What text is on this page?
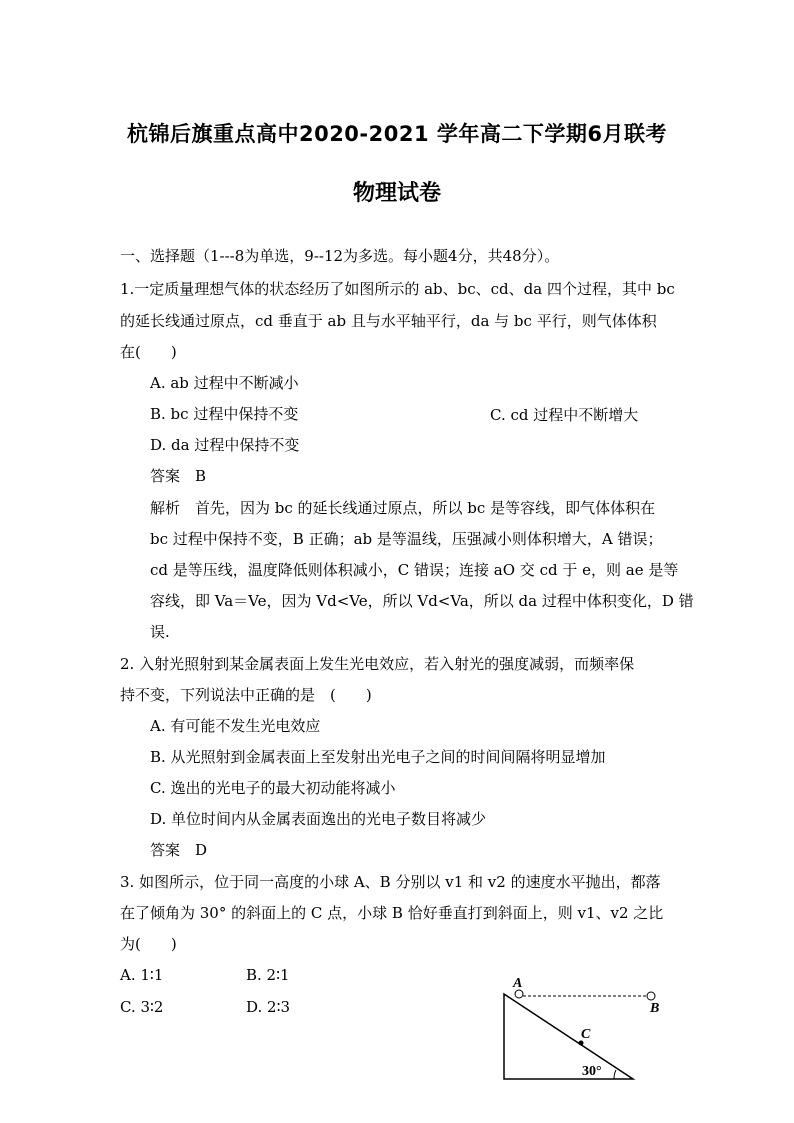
杭锦后旗重点高中2020-2021 学年高二下学期6月联考
物理试卷
一、选择题（1---8为单选，9--12为多选。每小题4分，共48分）。
1.一定质量理想气体的状态经历了如图所示的 ab、bc、cd、da 四个过程，其中 bc
的延长线通过原点，cd 垂直于 ab 且与水平轴平行，da 与 bc 平行，则气体体积
在(　　)
A. ab 过程中不断减小
B. bc 过程中保持不变	C. cd 过程中不断增大
D. da 过程中保持不变
答案　B
解析　首先，因为 bc 的延长线通过原点，所以 bc 是等容线，即气体体积在
bc 过程中保持不变，B 正确；ab 是等温线，压强减小则体积增大，A 错误；
cd 是等压线，温度降低则体积减小，C 错误；连接 aO 交 cd 于 e，则 ae 是等
容线，即 Va＝Ve，因为 Vd<Ve，所以 Vd<Va，所以 da 过程中体积变化，D 错
误.
2. 入射光照射到某金属表面上发生光电效应，若入射光的强度减弱，而频率保
持不变，下列说法中正确的是　(　　)
A. 有可能不发生光电效应
B. 从光照射到金属表面上至发射出光电子之间的时间间隔将明显增加
C. 逸出的光电子的最大初动能将减小
D. 单位时间内从金属表面逸出的光电子数目将减少
答案　D
3. 如图所示，位于同一高度的小球 A、B 分别以 v1 和 v2 的速度水平抛出，都落
在了倾角为 30° 的斜面上的 C 点，小球 B 恰好垂直打到斜面上，则 v1、v2 之比
为(　　)
A. 1∶1	B. 2∶1
C. 3∶2	D. 2∶3
A
B
C
30°
